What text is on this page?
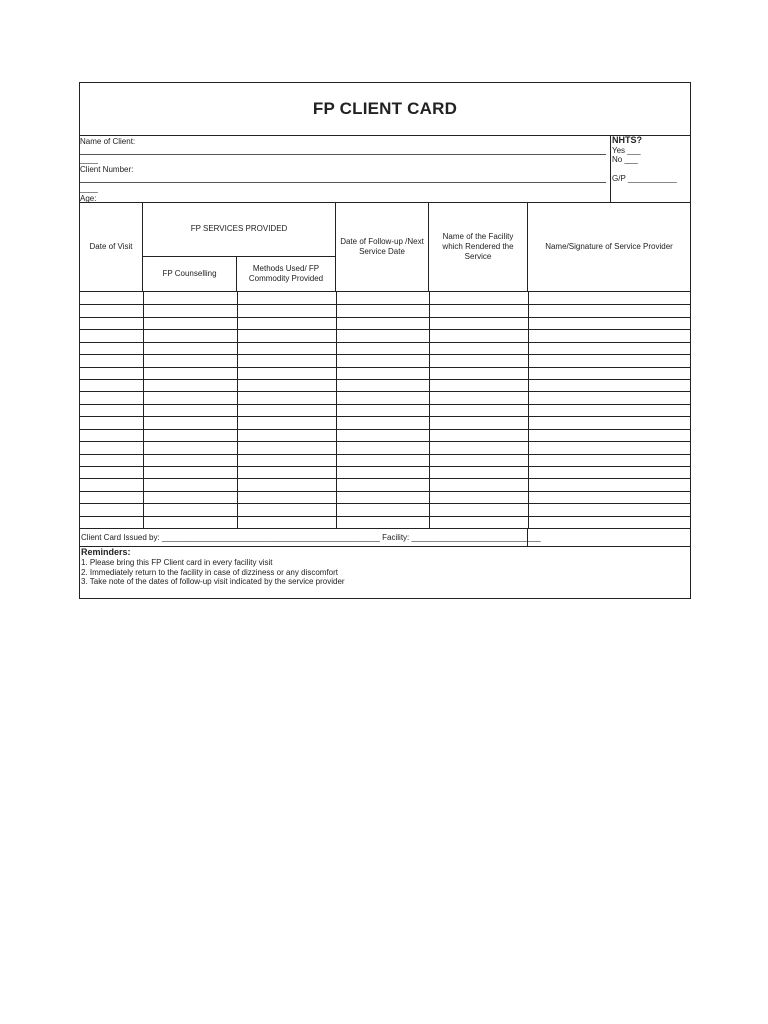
FP CLIENT CARD
Name of Client:
____
Client Number:
____
Age:
NHTS?
Yes ___
No ___
G/P ___________
Date of Visit
FP SERVICES PROVIDED
FP Counselling
Methods Used/ FP Commodity Provided
Date of Follow-up /Next Service Date
Name of the Facility which Rendered the Service
Name/Signature of Service Provider
Client Card Issued by: _________________________________________________ Facility: _____________________________
Reminders:
1. Please bring this FP Client card in every facility visit
2. Immediately return to the facility in case of dizziness or any discomfort
3. Take note of the dates of follow-up visit indicated by the service provider
